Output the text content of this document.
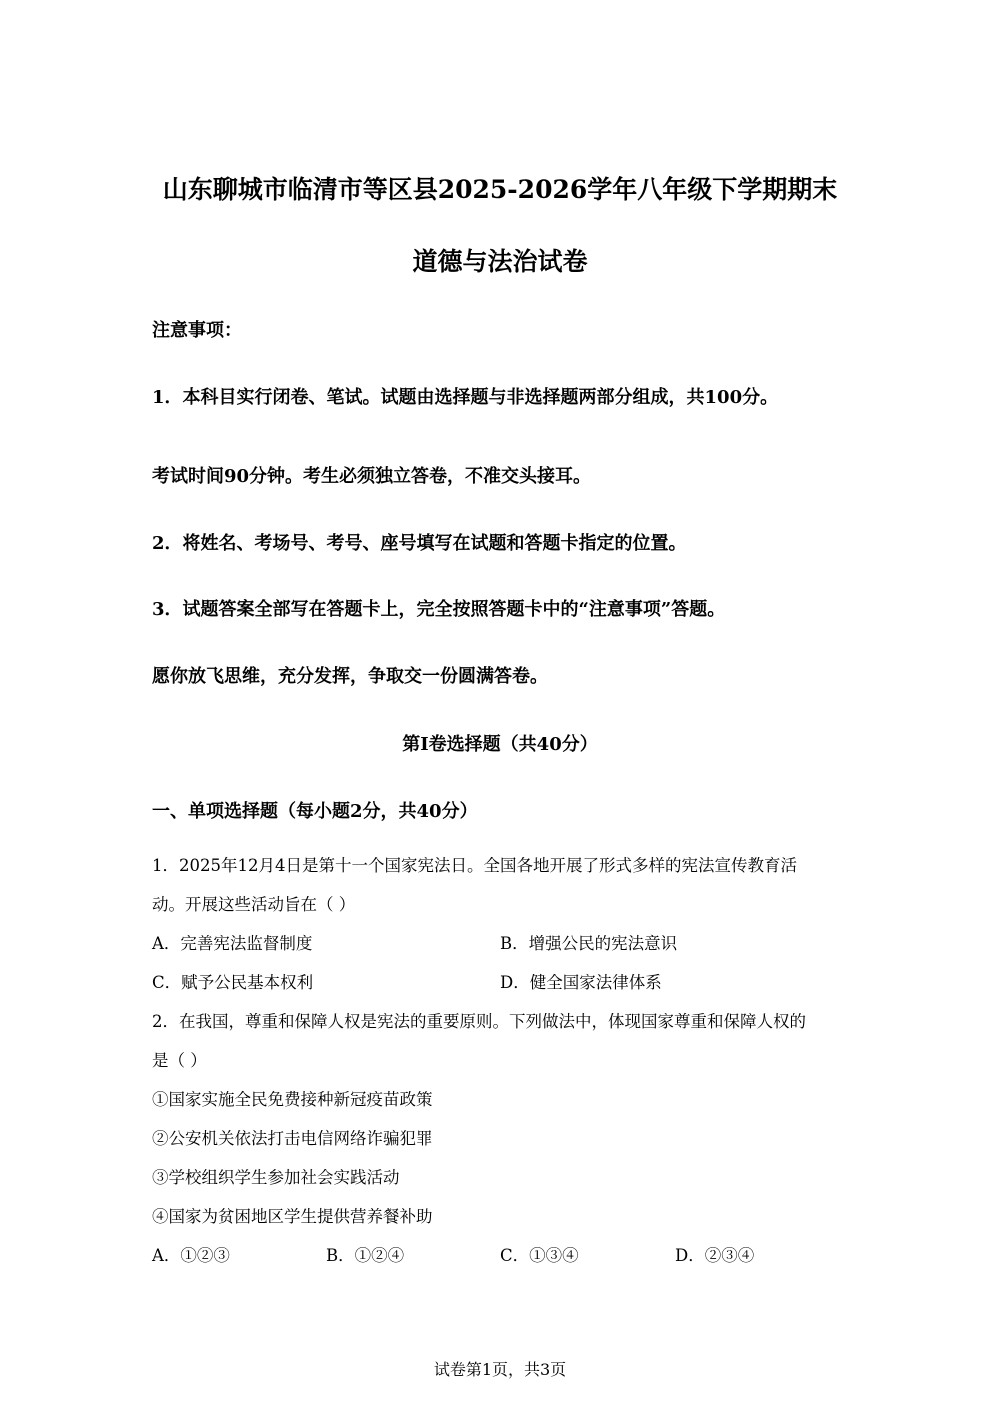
山东聊城市临清市等区县2025-2026学年八年级下学期期末
道德与法治试卷
注意事项：
1．本科目实行闭卷、笔试。试题由选择题与非选择题两部分组成，共100分。
考试时间90分钟。考生必须独立答卷，不准交头接耳。
2．将姓名、考场号、考号、座号填写在试题和答题卡指定的位置。
3．试题答案全部写在答题卡上，完全按照答题卡中的“注意事项”答题。
愿你放飞思维，充分发挥，争取交一份圆满答卷。
第Ⅰ卷选择题（共40分）
一、单项选择题（每小题2分，共40分）
1．2025年12月4日是第十一个国家宪法日。全国各地开展了形式多样的宪法宣传教育活
动。开展这些活动旨在（ ）
A．完善宪法监督制度	B．增强公民的宪法意识
C．赋予公民基本权利	D．健全国家法律体系
2．在我国，尊重和保障人权是宪法的重要原则。下列做法中，体现国家尊重和保障人权的
是（ ）
①国家实施全民免费接种新冠疫苗政策
②公安机关依法打击电信网络诈骗犯罪
③学校组织学生参加社会实践活动
④国家为贫困地区学生提供营养餐补助
A．①②③	B．①②④	C．①③④	D．②③④
试卷第1页，共3页
